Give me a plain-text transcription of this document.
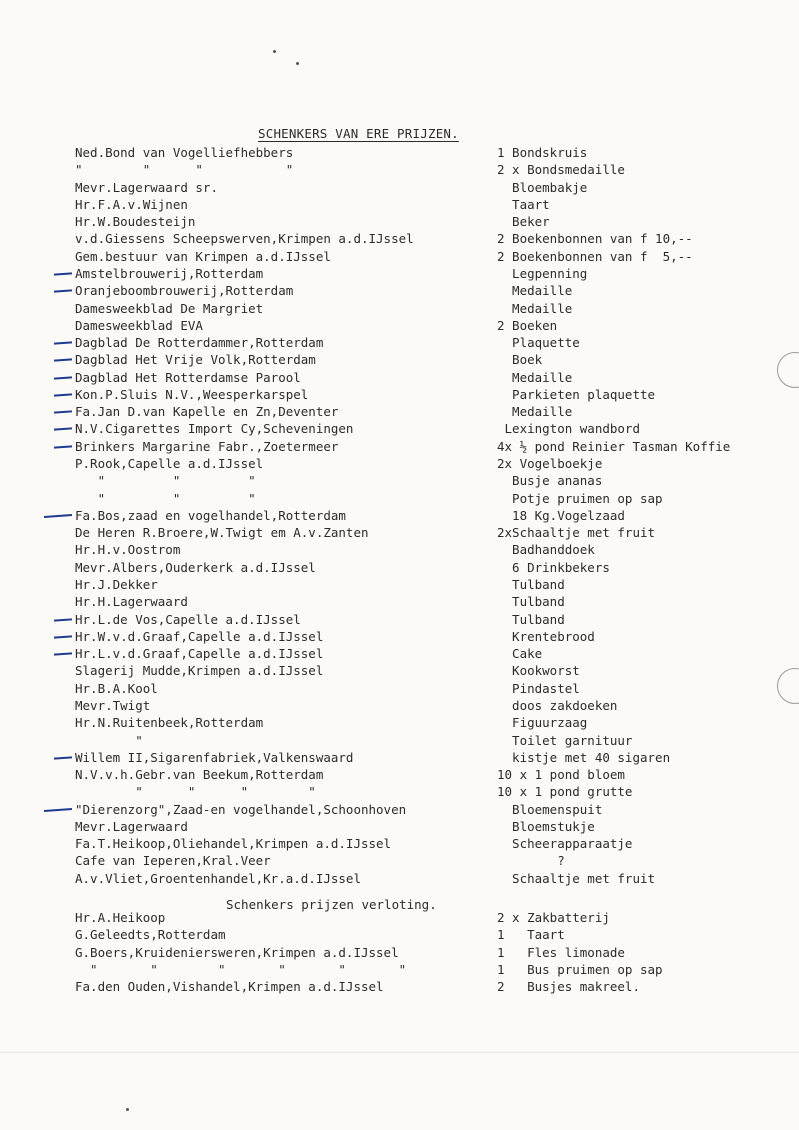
SCHENKERS VAN ERE PRIJZEN.
Ned.Bond van Vogelliefhebbers	1 Bondskruis
"        "      "           "	2 x Bondsmedaille
Mevr.Lagerwaard sr.	Bloembakje
Hr.F.A.v.Wijnen	Taart
Hr.W.Boudesteijn	Beker
v.d.Giessens Scheepswerven,Krimpen a.d.IJssel	2 Boekenbonnen van f 10,--
Gem.bestuur van Krimpen a.d.IJssel	2 Boekenbonnen van f  5,--
Amstelbrouwerij,Rotterdam	Legpenning
Oranjeboombrouwerij,Rotterdam	Medaille
Damesweekblad De Margriet	Medaille
Damesweekblad EVA	2 Boeken
Dagblad De Rotterdammer,Rotterdam	Plaquette
Dagblad Het Vrije Volk,Rotterdam	Boek
Dagblad Het Rotterdamse Parool	Medaille
Kon.P.Sluis N.V.,Weesperkarspel	Parkieten plaquette
Fa.Jan D.van Kapelle en Zn,Deventer	Medaille
N.V.Cigarettes Import Cy,Scheveningen	Lexington wandbord
Brinkers Margarine Fabr.,Zoetermeer	4x ½ pond Reinier Tasman Koffie
P.Rook,Capelle a.d.IJssel	2x Vogelboekje
"         "         "	Busje ananas
"         "         "	Potje pruimen op sap
Fa.Bos,zaad en vogelhandel,Rotterdam	18 Kg.Vogelzaad
De Heren R.Broere,W.Twigt em A.v.Zanten	2xSchaaltje met fruit
Hr.H.v.Oostrom	Badhanddoek
Mevr.Albers,Ouderkerk a.d.IJssel	6 Drinkbekers
Hr.J.Dekker	Tulband
Hr.H.Lagerwaard	Tulband
Hr.L.de Vos,Capelle a.d.IJssel	Tulband
Hr.W.v.d.Graaf,Capelle a.d.IJssel	Krentebrood
Hr.L.v.d.Graaf,Capelle a.d.IJssel	Cake
Slagerij Mudde,Krimpen a.d.IJssel	Kookworst
Hr.B.A.Kool	Pindastel
Mevr.Twigt	doos zakdoeken
Hr.N.Ruitenbeek,Rotterdam	Figuurzaag
"	Toilet garnituur
Willem II,Sigarenfabriek,Valkenswaard	kistje met 40 sigaren
N.V.v.h.Gebr.van Beekum,Rotterdam	10 x 1 pond bloem
"      "      "        "	10 x 1 pond grutte
"Dierenzorg",Zaad-en vogelhandel,Schoonhoven	Bloemenspuit
Mevr.Lagerwaard	Bloemstukje
Fa.T.Heikoop,Oliehandel,Krimpen a.d.IJssel	Scheerapparaatje
Cafe van Ieperen,Kral.Veer	?
A.v.Vliet,Groentenhandel,Kr.a.d.IJssel	Schaaltje met fruit
Schenkers prijzen verloting.
Hr.A.Heikoop	2 x Zakbatterij
G.Geleedts,Rotterdam	1   Taart
G.Boers,Kruideniersweren,Krimpen a.d.IJssel	1   Fles limonade
"       "        "       "       "       "	1   Bus pruimen op sap
Fa.den Ouden,Vishandel,Krimpen a.d.IJssel	2   Busjes makreel.
